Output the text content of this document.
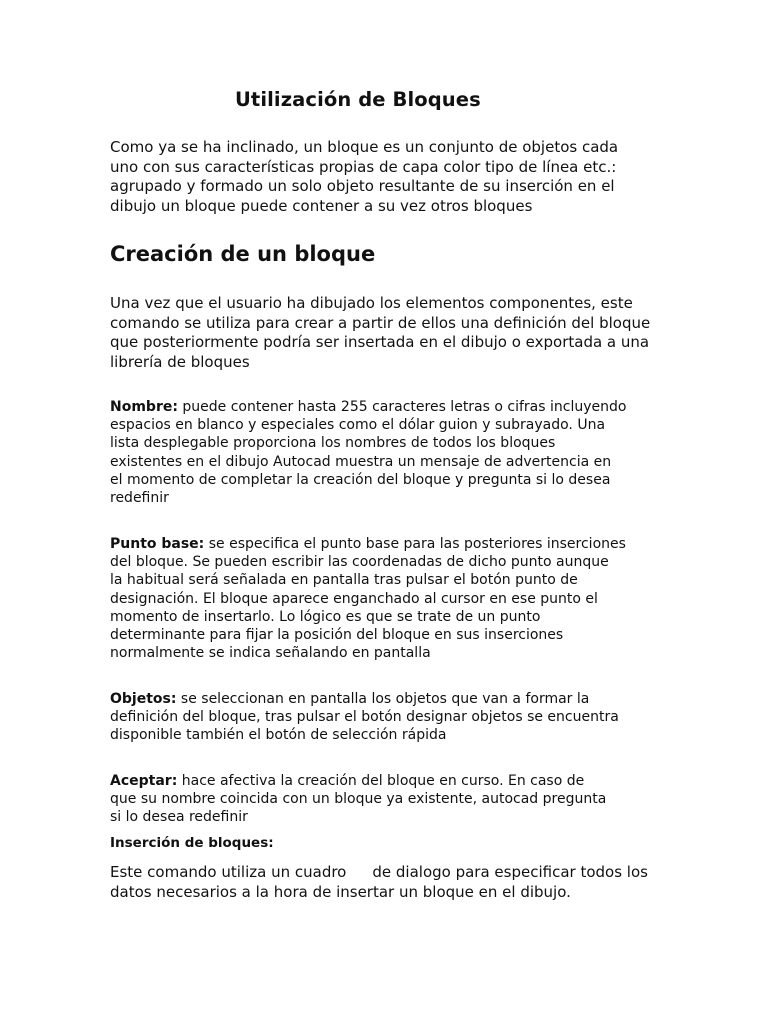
Utilización de Bloques
Como ya se ha inclinado, un bloque es un conjunto de objetos cada
uno con sus características propias de capa color tipo de línea etc.:
agrupado y formado un solo objeto resultante de su inserción en el
dibujo un bloque puede contener a su vez otros bloques
Creación de un bloque
Una vez que el usuario ha dibujado los elementos componentes, este
comando se utiliza para crear a partir de ellos una definición del bloque
que posteriormente podría ser insertada en el dibujo o exportada a una
librería de bloques
Nombre: puede contener hasta 255 caracteres letras o cifras incluyendo
espacios en blanco y especiales como el dólar guion y subrayado. Una
lista desplegable proporciona los nombres de todos los bloques
existentes en el dibujo Autocad muestra un mensaje de advertencia en
el momento de completar la creación del bloque y pregunta si lo desea
redefinir
Punto base: se especifica el punto base para las posteriores inserciones
del bloque. Se pueden escribir las coordenadas de dicho punto aunque
la habitual será señalada en pantalla tras pulsar el botón punto de
designación. El bloque aparece enganchado al cursor en ese punto el
momento de insertarlo. Lo lógico es que se trate de un punto
determinante para fijar la posición del bloque en sus inserciones
normalmente se indica señalando en pantalla
Objetos: se seleccionan en pantalla los objetos que van a formar la
definición del bloque, tras pulsar el botón designar objetos se encuentra
disponible también el botón de selección rápida
Aceptar: hace afectiva la creación del bloque en curso. En caso de
que su nombre coincida con un bloque ya existente, autocad pregunta
si lo desea redefinir
Inserción de bloques:
Este comando utiliza un cuadro de dialogo para especificar todos los
datos necesarios a la hora de insertar un bloque en el dibujo.
